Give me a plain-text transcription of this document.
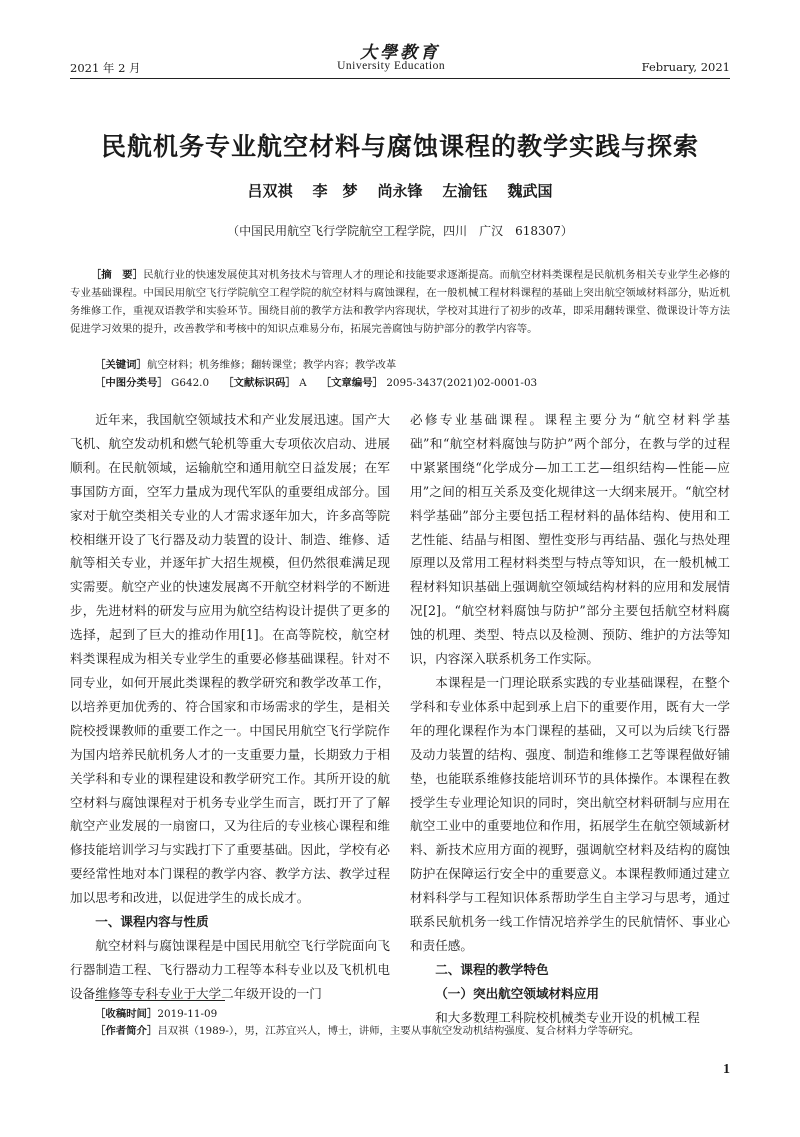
大學教育
2021 年 2 月	University Education	February, 2021
民航机务专业航空材料与腐蚀课程的教学实践与探索
吕双祺 李　梦 尚永锋 左渝钰 魏武国
（中国民用航空飞行学院航空工程学院，四川　广汉　618307）

［摘　要］民航行业的快速发展使其对机务技术与管理人才的理论和技能要求逐渐提高。而航空材料类课程是民航机务相关专业学生必修的专业基础课程。中国民用航空飞行学院航空工程学院的航空材料与腐蚀课程，在一般机械工程材料课程的基础上突出航空领域材料部分，贴近机务维修工作，重视双语教学和实验环节。围绕目前的教学方法和教学内容现状，学校对其进行了初步的改革，即采用翻转课堂、微课设计等方法促进学习效果的提升，改善教学和考核中的知识点难易分布，拓展完善腐蚀与防护部分的教学内容等。

［关键词］航空材料；机务维修；翻转课堂；教学内容；教学改革
［中图分类号］ G642.0 ［文献标识码］ A ［文章编号］ 2095-3437(2021)02-0001-03

近年来，我国航空领域技术和产业发展迅速。国产大飞机、航空发动机和燃气轮机等重大专项依次启动、进展顺利。在民航领域，运输航空和通用航空日益发展；在军事国防方面，空军力量成为现代军队的重要组成部分。国家对于航空类相关专业的人才需求逐年加大，许多高等院校相继开设了飞行器及动力装置的设计、制造、维修、适航等相关专业，并逐年扩大招生规模，但仍然很难满足现实需要。航空产业的快速发展离不开航空材料学的不断进步，先进材料的研发与应用为航空结构设计提供了更多的选择，起到了巨大的推动作用[1]。在高等院校，航空材料类课程成为相关专业学生的重要必修基础课程。针对不同专业，如何开展此类课程的教学研究和教学改革工作，以培养更加优秀的、符合国家和市场需求的学生，是相关院校授课教师的重要工作之一。中国民用航空飞行学院作为国内培养民航机务人才的一支重要力量，长期致力于相关学科和专业的课程建设和教学研究工作。其所开设的航空材料与腐蚀课程对于机务专业学生而言，既打开了了解航空产业发展的一扇窗口，又为往后的专业核心课程和维修技能培训学习与实践打下了重要基础。因此，学校有必要经常性地对本门课程的教学内容、教学方法、教学过程加以思考和改进，以促进学生的成长成才。

一、课程内容与性质

航空材料与腐蚀课程是中国民用航空飞行学院面向飞行器制造工程、飞行器动力工程等本科专业以及飞机机电设备维修等专科专业于大学二年级开设的一门

必修专业基础课程。课程主要分为“航空材料学基础”和“航空材料腐蚀与防护”两个部分，在教与学的过程中紧紧围绕“化学成分—加工工艺—组织结构—性能—应用”之间的相互关系及变化规律这一大纲来展开。“航空材料学基础”部分主要包括工程材料的晶体结构、使用和工艺性能、结晶与相图、塑性变形与再结晶、强化与热处理原理以及常用工程材料类型与特点等知识，在一般机械工程材料知识基础上强调航空领域结构材料的应用和发展情况[2]。“航空材料腐蚀与防护”部分主要包括航空材料腐蚀的机理、类型、特点以及检测、预防、维护的方法等知识，内容深入联系机务工作实际。

本课程是一门理论联系实践的专业基础课程，在整个学科和专业体系中起到承上启下的重要作用，既有大一学年的理化课程作为本门课程的基础，又可以为后续飞行器及动力装置的结构、强度、制造和维修工艺等课程做好铺垫，也能联系维修技能培训环节的具体操作。本课程在教授学生专业理论知识的同时，突出航空材料研制与应用在航空工业中的重要地位和作用，拓展学生在航空领域新材料、新技术应用方面的视野，强调航空材料及结构的腐蚀防护在保障运行安全中的重要意义。本课程教师通过建立材料科学与工程知识体系帮助学生自主学习与思考，通过联系民航机务一线工作情况培养学生的民航情怀、事业心和责任感。

二、课程的教学特色
（一）突出航空领域材料应用

和大多数理工科院校机械类专业开设的机械工程

［收稿时间］2019-11-09
［作者简介］吕双祺（1989-），男，江苏宜兴人，博士，讲师，主要从事航空发动机结构强度、复合材料力学等研究。
1
